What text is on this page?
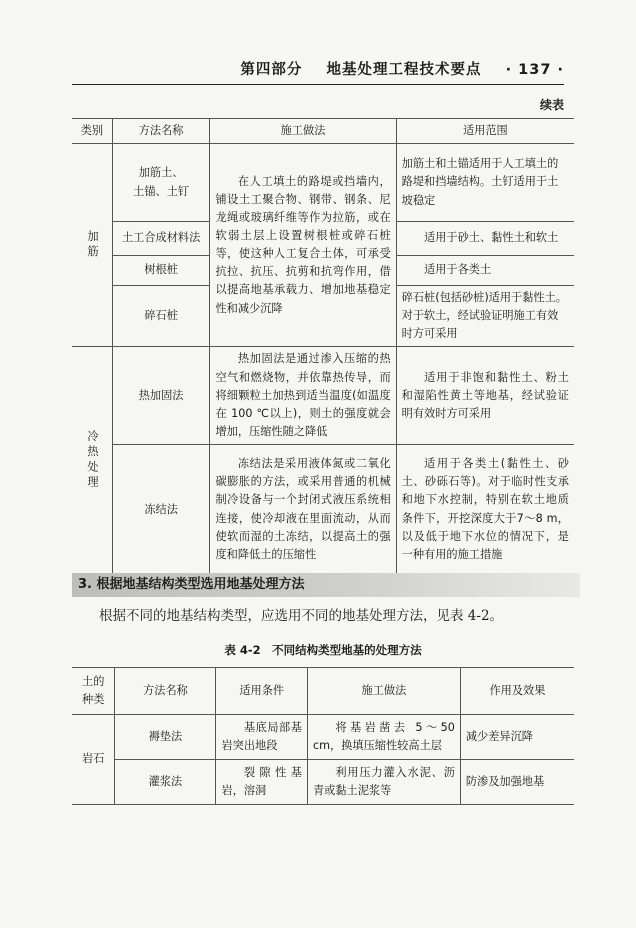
第四部分 地基处理工程技术要点 · 137 ·
续表
类别	方法名称	施工做法	适用范围

加筋	加筋土、
土锚、土钉	在人工填土的路堤或挡墙内，铺设土工聚合物、钢带、钢条、尼龙绳或玻璃纤维等作为拉筋，或在软弱土层上设置树根桩或碎石桩等，使这种人工复合土体，可承受抗拉、抗压、抗剪和抗弯作用，借以提高地基承载力、增加地基稳定性和减少沉降	加筋土和土锚适用于人工填土的路堤和挡墙结构。土钉适用于土坡稳定
	土工合成材料法		适用于砂土、黏性土和软土
	树根桩		适用于各类土
	碎石桩		碎石桩(包括砂桩)适用于黏性土。对于软土，经试验证明施工有效时方可采用

冷热处理	热加固法	热加固法是通过渗入压缩的热空气和燃烧物，并依靠热传导，而将细颗粒土加热到适当温度(如温度在 100 ℃以上)，则土的强度就会增加，压缩性随之降低	适用于非饱和黏性土、粉土和湿陷性黄土等地基，经试验证明有效时方可采用
	冻结法	冻结法是采用液体氮或二氧化碳膨胀的方法，或采用普通的机械制冷设备与一个封闭式液压系统相连接，使冷却液在里面流动，从而使软而湿的土冻结，以提高土的强度和降低土的压缩性	适用于各类土(黏性土、砂土、砂砾石等)。对于临时性支承和地下水控制，特别在软土地质条件下，开挖深度大于7～8 m，以及低于地下水位的情况下，是一种有用的施工措施
3. 根据地基结构类型选用地基处理方法
根据不同的地基结构类型，应选用不同的地基处理方法，见表 4-2。
表 4-2　不同结构类型地基的处理方法
土的
种类	方法名称	适用条件	施工做法	作用及效果
岩石	褥垫法	基底局部基岩突出地段	将基岩凿去 5～50 cm，换填压缩性较高土层	减少差异沉降
	灌浆法	裂隙性基岩，溶洞	利用压力灌入水泥、沥青或黏土泥浆等	防渗及加强地基
